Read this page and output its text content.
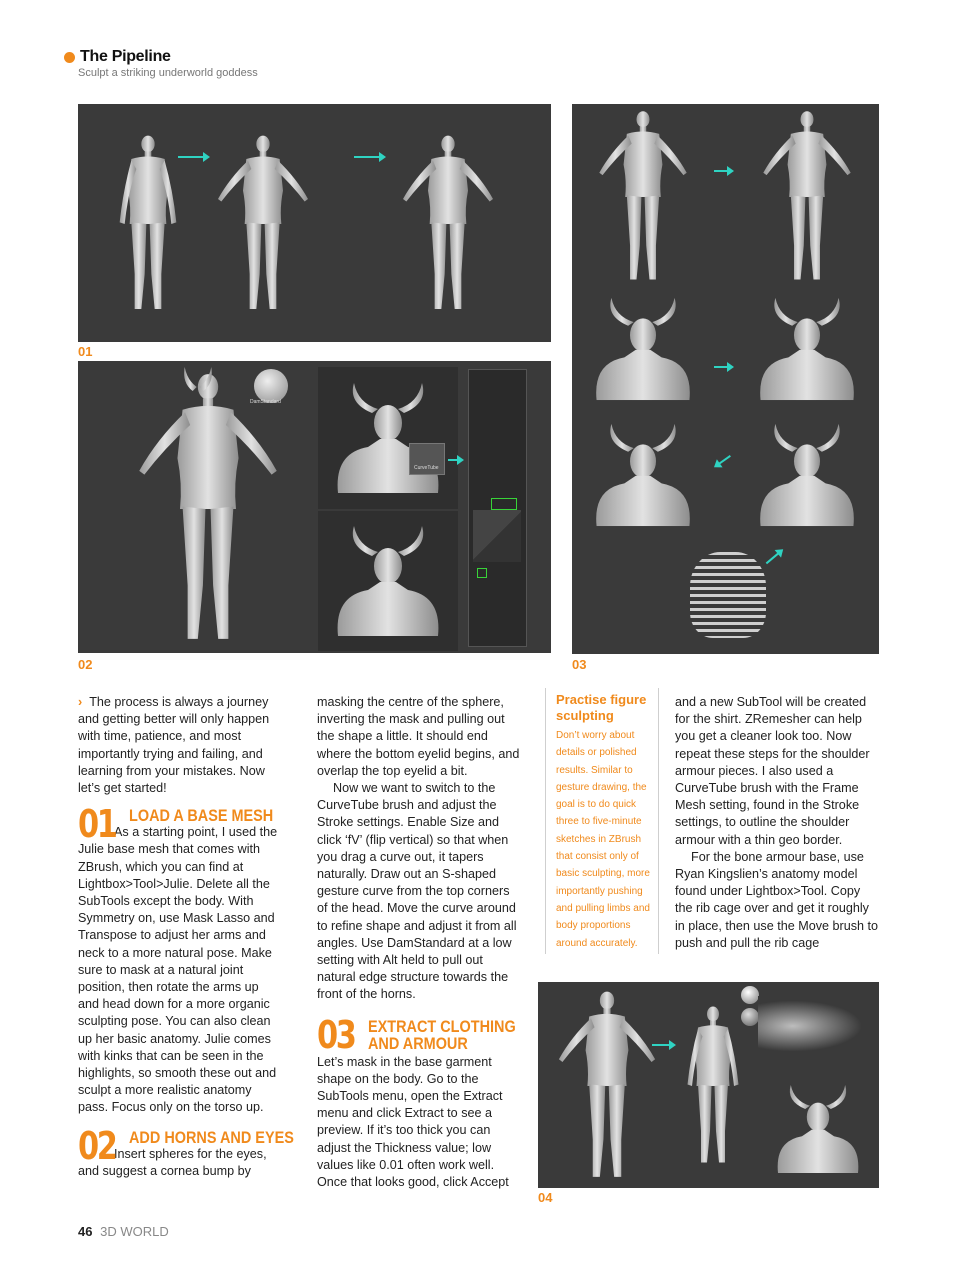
The Pipeline
Sculpt a striking underworld goddess
01
DamStandard
CurveTube
02	03

› The process is always a journey and getting better will only happen with time, patience, and most importantly trying and failing, and learning from your mistakes. Now let’s get started!

01 LOAD A BASE MESH

As a starting point, I used the Julie base mesh that comes with ZBrush, which you can find at Lightbox>Tool>Julie. Delete all the SubTools except the body. With Symmetry on, use Mask Lasso and Transpose to adjust her arms and neck to a more natural pose. Make sure to mask at a natural joint position, then rotate the arms up and head down for a more organic sculpting pose. You can also clean up her basic anatomy. Julie comes with kinks that can be seen in the highlights, so smooth these out and sculpt a more realistic anatomy pass. Focus only on the torso up.

02 ADD HORNS AND EYES

Insert spheres for the eyes, and suggest a cornea bump by

masking the centre of the sphere, inverting the mask and pulling out the shape a little. It should end where the bottom eyelid begins, and overlap the top eyelid a bit.

Now we want to switch to the CurveTube brush and adjust the Stroke settings. Enable Size and click ‘fV’ (flip vertical) so that when you drag a curve out, it tapers naturally. Draw out an S-shaped gesture curve from the top corners of the head. Move the curve around to refine shape and adjust it from all angles. Use DamStandard at a low setting with Alt held to pull out natural edge structure towards the front of the horns.

03 EXTRACT CLOTHING
AND ARMOUR

Let’s mask in the base garment shape on the body. Go to the SubTools menu, open the Extract menu and click Extract to see a preview. If it’s too thick you can adjust the Thickness value; low values like 0.01 often work well. Once that looks good, click Accept

Practise figure sculpting
Don’t worry about details or polished results. Similar to gesture drawing, the goal is to do quick three to five-minute sketches in ZBrush that consist only of basic sculpting, more importantly pushing and pulling limbs and body proportions around accurately.

and a new SubTool will be created for the shirt. ZRemesher can help you get a cleaner look too. Now repeat these steps for the shoulder armour pieces. I also used a CurveTube brush with the Frame Mesh setting, found in the Stroke settings, to outline the shoulder armour with a thin geo border.

For the bone armour base, use Ryan Kingslien’s anatomy model found under Lightbox>Tool. Copy the rib cage over and get it roughly in place, then use the Move brush to push and pull the rib cage

04
46 3D WORLD
